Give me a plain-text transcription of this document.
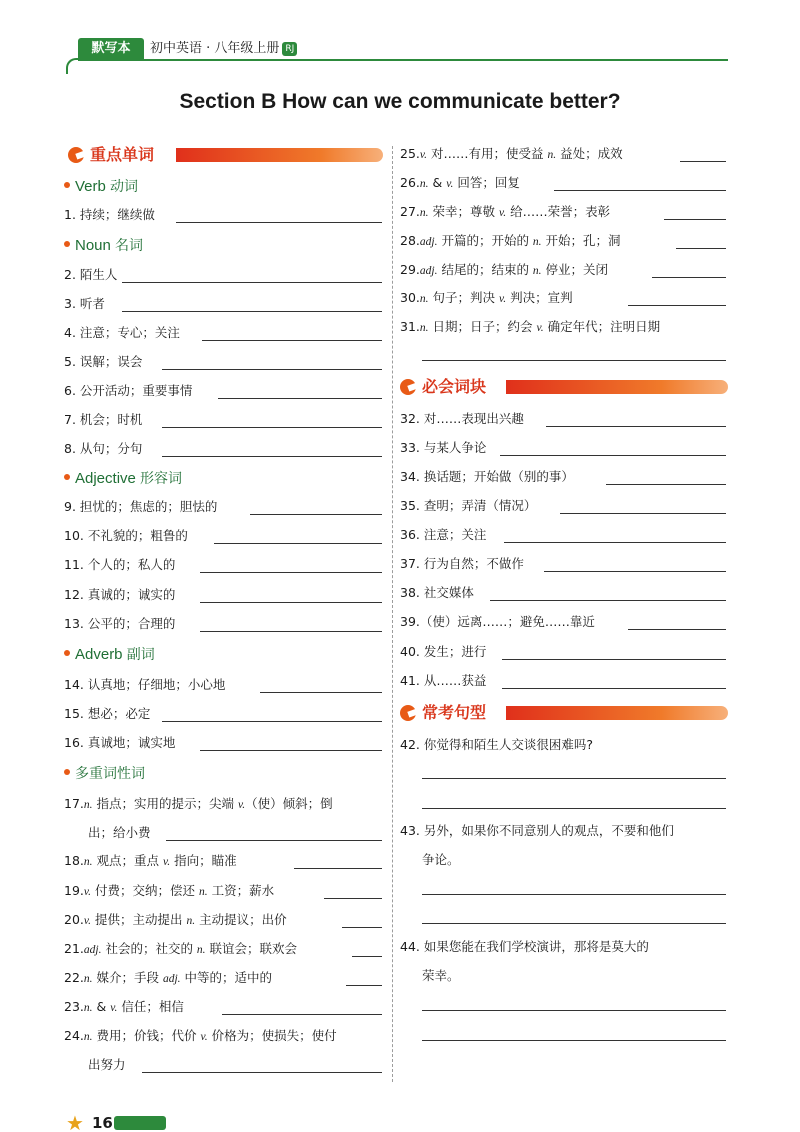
默写本	初中英语 · 八年级上册 RJ
Section B How can we communicate better?
重点单词
Verb 动词
1. 持续；继续做
Noun 名词
2. 陌生人
3. 听者
4. 注意；专心；关注
5. 误解；误会
6. 公开活动；重要事情
7. 机会；时机
8. 从句；分句
Adjective 形容词
9. 担忧的；焦虑的；胆怯的
10. 不礼貌的；粗鲁的
11. 个人的；私人的
12. 真诚的；诚实的
13. 公平的；合理的
Adverb 副词
14. 认真地；仔细地；小心地
15. 想必；必定
16. 真诚地；诚实地
多重词性词
17.n. 指点；实用的提示；尖端 v.（使）倾斜；倒
出；给小费
18.n. 观点；重点 v. 指向；瞄准
19.v. 付费；交纳；偿还 n. 工资；薪水
20.v. 提供；主动提出 n. 主动提议；出价
21.adj. 社会的；社交的 n. 联谊会；联欢会
22.n. 媒介；手段 adj. 中等的；适中的
23.n. & v. 信任；相信
24.n. 费用；价钱；代价 v. 价格为；使损失；使付
出努力
25.v. 对……有用；使受益 n. 益处；成效
26.n. & v. 回答；回复
27.n. 荣幸；尊敬 v. 给……荣誉；表彰
28.adj. 开篇的；开始的 n. 开始；孔；洞
29.adj. 结尾的；结束的 n. 停业；关闭
30.n. 句子；判决 v. 判决；宣判
31.n. 日期；日子；约会 v. 确定年代；注明日期
必会词块
32. 对……表现出兴趣
33. 与某人争论
34. 换话题；开始做（别的事）
35. 查明；弄清（情况）
36. 注意；关注
37. 行为自然；不做作
38. 社交媒体
39.（使）远离……；避免……靠近
40. 发生；进行
41. 从……获益
常考句型
42. 你觉得和陌生人交谈很困难吗?
43. 另外，如果你不同意别人的观点，不要和他们
争论。
44. 如果您能在我们学校演讲，那将是莫大的
荣幸。
★ 16
